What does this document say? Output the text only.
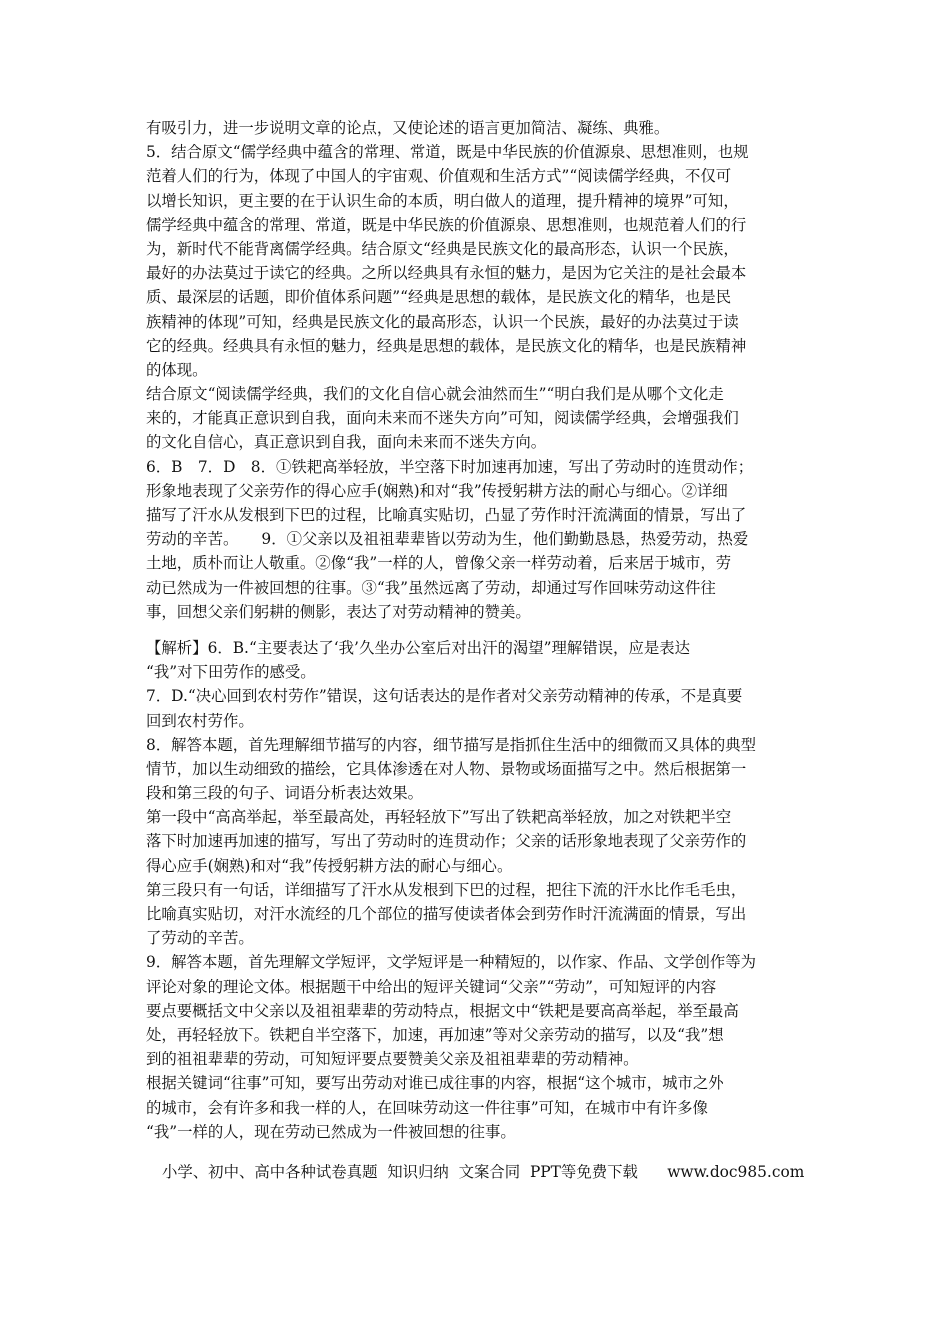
有吸引力，进一步说明文章的论点，又使论述的语言更加简洁、凝练、典雅。
5．结合原文“儒学经典中蕴含的常理、常道，既是中华民族的价值源泉、思想准则，也规
范着人们的行为，体现了中国人的宇宙观、价值观和生活方式”“阅读儒学经典，不仅可
以增长知识，更主要的在于认识生命的本质，明白做人的道理，提升精神的境界”可知，
儒学经典中蕴含的常理、常道，既是中华民族的价值源泉、思想准则，也规范着人们的行
为，新时代不能背离儒学经典。结合原文“经典是民族文化的最高形态，认识一个民族，
最好的办法莫过于读它的经典。之所以经典具有永恒的魅力，是因为它关注的是社会最本
质、最深层的话题，即价值体系问题”“经典是思想的载体，是民族文化的精华，也是民
族精神的体现”可知，经典是民族文化的最高形态，认识一个民族，最好的办法莫过于读
它的经典。经典具有永恒的魅力，经典是思想的载体，是民族文化的精华，也是民族精神
的体现。
结合原文“阅读儒学经典，我们的文化自信心就会油然而生”“明白我们是从哪个文化走
来的，才能真正意识到自我，面向未来而不迷失方向”可知，阅读儒学经典，会增强我们
的文化自信心，真正意识到自我，面向未来而不迷失方向。
6．B　7．D　8．①铁耙高举轻放，半空落下时加速再加速，写出了劳动时的连贯动作；
形象地表现了父亲劳作的得心应手(娴熟)和对“我”传授躬耕方法的耐心与细心。②详细
描写了汗水从发根到下巴的过程，比喻真实贴切，凸显了劳作时汗流满面的情景，写出了
劳动的辛苦。　　9．①父亲以及祖祖辈辈皆以劳动为生，他们勤勤恳恳，热爱劳动，热爱
土地，质朴而让人敬重。②像“我”一样的人，曾像父亲一样劳动着，后来居于城市，劳
动已然成为一件被回想的往事。③“我”虽然远离了劳动，却通过写作回味劳动这件往
事，回想父亲们躬耕的侧影，表达了对劳动精神的赞美。
【解析】6．B.“主要表达了‘我’久坐办公室后对出汗的渴望”理解错误，应是表达
“我”对下田劳作的感受。
7．D.“决心回到农村劳作”错误，这句话表达的是作者对父亲劳动精神的传承，不是真要
回到农村劳作。
8．解答本题，首先理解细节描写的内容，细节描写是指抓住生活中的细微而又具体的典型
情节，加以生动细致的描绘，它具体渗透在对人物、景物或场面描写之中。然后根据第一
段和第三段的句子、词语分析表达效果。
第一段中“高高举起，举至最高处，再轻轻放下”写出了铁耙高举轻放，加之对铁耙半空
落下时加速再加速的描写，写出了劳动时的连贯动作；父亲的话形象地表现了父亲劳作的
得心应手(娴熟)和对“我”传授躬耕方法的耐心与细心。
第三段只有一句话，详细描写了汗水从发根到下巴的过程，把往下流的汗水比作毛毛虫，
比喻真实贴切，对汗水流经的几个部位的描写使读者体会到劳作时汗流满面的情景，写出
了劳动的辛苦。
9．解答本题，首先理解文学短评，文学短评是一种精短的，以作家、作品、文学创作等为
评论对象的理论文体。根据题干中给出的短评关键词“父亲”“劳动”，可知短评的内容
要点要概括文中父亲以及祖祖辈辈的劳动特点，根据文中“铁耙是要高高举起，举至最高
处，再轻轻放下。铁耙自半空落下，加速，再加速”等对父亲劳动的描写，以及“我”想
到的祖祖辈辈的劳动，可知短评要点要赞美父亲及祖祖辈辈的劳动精神。
根据关键词“往事”可知，要写出劳动对谁已成往事的内容，根据“这个城市，城市之外
的城市，会有许多和我一样的人，在回味劳动这一件往事”可知，在城市中有许多像
“我”一样的人，现在劳动已然成为一件被回想的往事。
小学、初中、高中各种试卷真题  知识归纳  文案合同  PPT等免费下载      www.doc985.com
